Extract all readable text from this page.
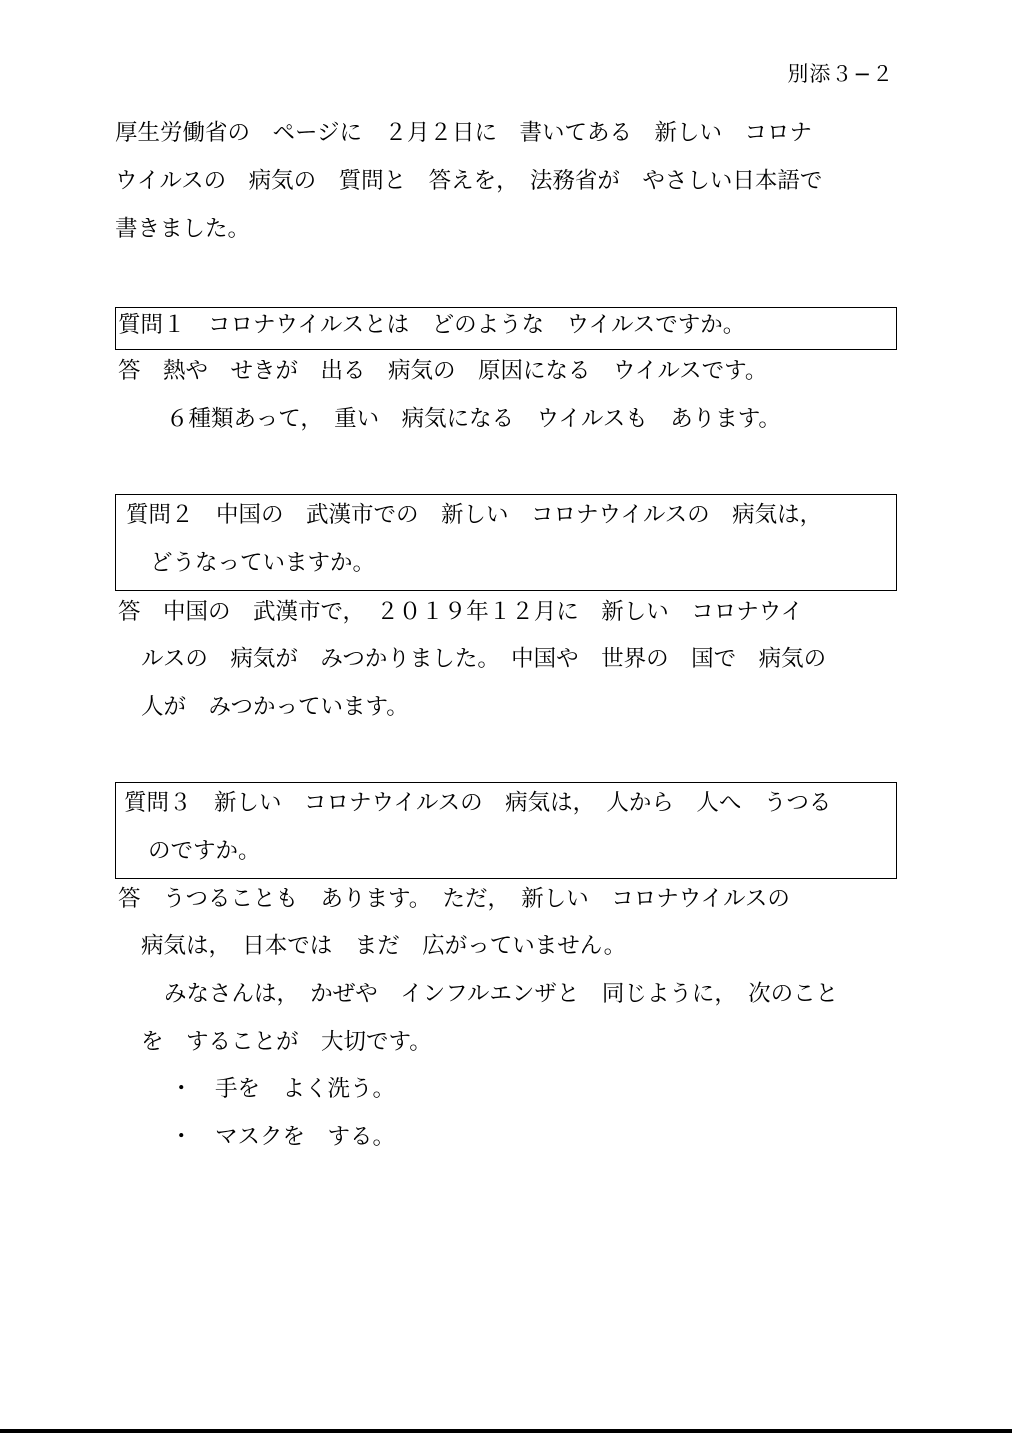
別添３−２
厚生労働省の　ページに　２月２日に　書いてある　新しい　コロナ
ウイルスの　病気の　質問と　答えを，　法務省が　やさしい日本語で
書きました。
質問１　コロナウイルスとは　どのような　ウイルスですか。
答　熱や　せきが　出る　病気の　原因になる　ウイルスです。
６種類あって，　重い　病気になる　ウイルスも　あります。
質問２　中国の　武漢市での　新しい　コロナウイルスの　病気は，
どうなっていますか。
答　中国の　武漢市で，　２０１９年１２月に　新しい　コロナウイ
ルスの　病気が　みつかりました。　中国や　世界の　国で　病気の
人が　みつかっています。
質問３　新しい　コロナウイルスの　病気は，　人から　人へ　うつる
のですか。
答　うつることも　あります。　ただ，　新しい　コロナウイルスの
病気は，　日本では　まだ　広がっていません。
みなさんは，　かぜや　インフルエンザと　同じように，　次のこと
を　することが　大切です。
・　手を　よく洗う。
・　マスクを　する。
